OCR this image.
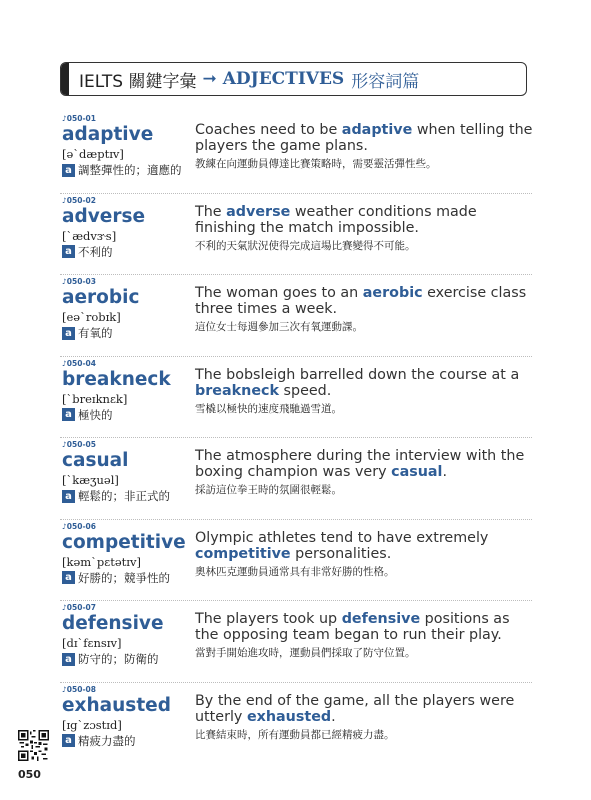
IELTS 關鍵字彙 ➞ ADJECTIVES 形容詞篇
♪050-01
adaptive
[əˋdæptɪv]
a 調整彈性的；適應的
Coaches need to be adaptive when telling the players the game plans.
教練在向運動員傳達比賽策略時，需要靈活彈性些。
♪050-02
adverse
[ˋædvɝs]
a 不利的
The adverse weather conditions made finishing the match impossible.
不利的天氣狀況使得完成這場比賽變得不可能。
♪050-03
aerobic
[eəˋrobɪk]
a 有氧的
The woman goes to an aerobic exercise class three times a week.
這位女士每週參加三次有氧運動課。
♪050-04
breakneck
[ˋbreɪknɛk]
a 極快的
The bobsleigh barrelled down the course at a breakneck speed.
雪橇以極快的速度飛馳過雪道。
♪050-05
casual
[ˋkæʒuəl]
a 輕鬆的；非正式的
The atmosphere during the interview with the boxing champion was very casual.
採訪這位拳王時的氛圍很輕鬆。
♪050-06
competitive
[kəmˋpɛtətɪv]
a 好勝的；競爭性的
Olympic athletes tend to have extremely competitive personalities.
奧林匹克運動員通常具有非常好勝的性格。
♪050-07
defensive
[dɪˋfɛnsɪv]
a 防守的；防衛的
The players took up defensive positions as the opposing team began to run their play.
當對手開始進攻時，運動員們採取了防守位置。
♪050-08
exhausted
[ɪgˋzɔstɪd]
a 精疲力盡的
By the end of the game, all the players were utterly exhausted.
比賽結束時，所有運動員都已經精疲力盡。
050
